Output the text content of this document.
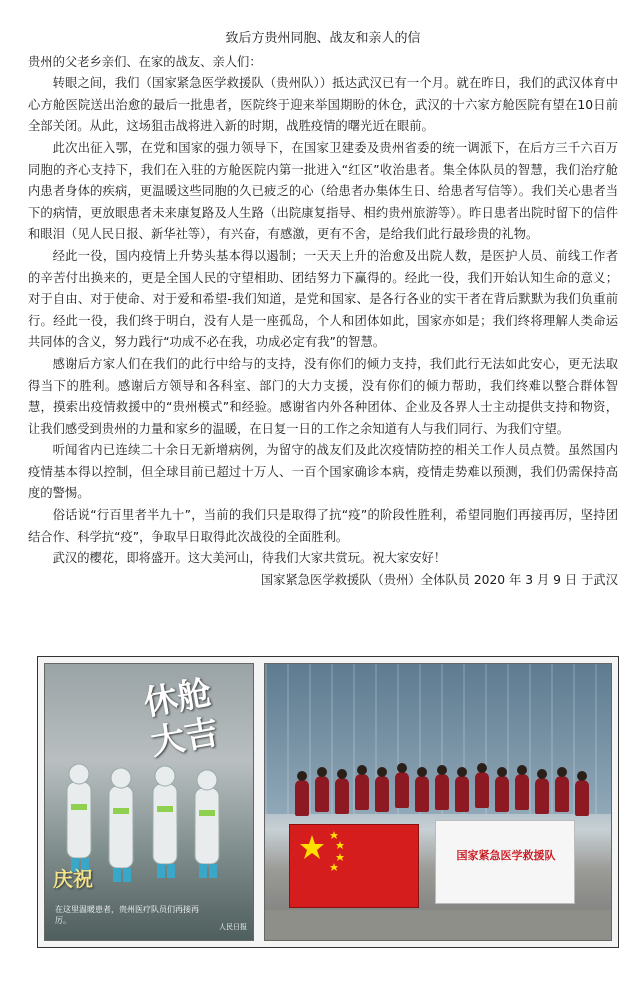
致后方贵州同胞、战友和亲人的信

贵州的父老乡亲们、在家的战友、亲人们：

转眼之间，我们（国家紧急医学救援队（贵州队））抵达武汉已有一个月。就在昨日，我们的武汉体育中心方舱医院送出治愈的最后一批患者，医院终于迎来举国期盼的休仓，武汉的十六家方舱医院有望在10日前全部关闭。从此，这场狙击战将进入新的时期，战胜疫情的曙光近在眼前。

此次出征入鄂，在党和国家的强力领导下，在国家卫建委及贵州省委的统一调派下，在后方三千六百万同胞的齐心支持下，我们在入驻的方舱医院内第一批进入“红区”收治患者。集全体队员的智慧，我们治疗舱内患者身体的疾病，更温暖这些同胞的久已疲乏的心（给患者办集体生日、给患者写信等）。我们关心患者当下的病情，更放眼患者未来康复路及人生路（出院康复指导、相约贵州旅游等）。昨日患者出院时留下的信件和眼泪（见人民日报、新华社等），有兴奋，有感激，更有不舍，是给我们此行最珍贵的礼物。

经此一役，国内疫情上升势头基本得以遏制；一天天上升的治愈及出院人数，是医护人员、前线工作者的辛苦付出换来的，更是全国人民的守望相助、团结努力下赢得的。经此一役，我们开始认知生命的意义；对于自由、对于使命、对于爱和希望-我们知道，是党和国家、是各行各业的实干者在背后默默为我们负重前行。经此一役，我们终于明白，没有人是一座孤岛，个人和团体如此，国家亦如是；我们终将理解人类命运共同体的含义，努力践行“功成不必在我，功成必定有我”的智慧。

感谢后方家人们在我们的此行中给与的支持，没有你们的倾力支持，我们此行无法如此安心，更无法取得当下的胜利。感谢后方领导和各科室、部门的大力支援，没有你们的倾力帮助，我们终难以整合群体智慧，摸索出疫情救援中的“贵州模式”和经验。感谢省内外各种团体、企业及各界人士主动提供支持和物资，让我们感受到贵州的力量和家乡的温暖，在日复一日的工作之余知道有人与我们同行、为我们守望。

听闻省内已连续二十余日无新增病例，为留守的战友们及此次疫情防控的相关工作人员点赞。虽然国内疫情基本得以控制，但全球目前已超过十万人、一百个国家确诊本病，疫情走势难以预测，我们仍需保持高度的警惕。

俗话说“行百里者半九十”，当前的我们只是取得了抗“疫”的阶段性胜利，希望同胞们再接再厉，坚持团结合作、科学抗“疫”，争取早日取得此次战役的全面胜利。

武汉的樱花，即将盛开。这大美河山，待我们大家共赏玩。祝大家安好！

国家紧急医学救援队（贵州）全体队员 2020 年 3 月 9 日 于武汉

休舱大吉
庆祝
在这里温暖患者，贵州医疗队员们再接再厉。
人民日报
国家紧急医学救援队
